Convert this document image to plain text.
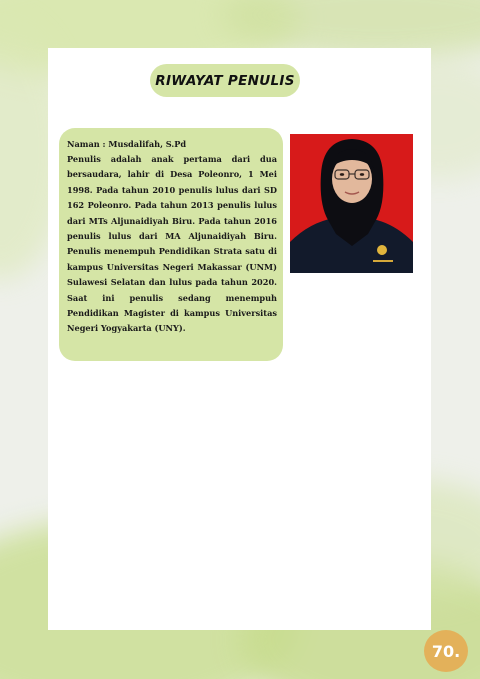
RIWAYAT PENULIS
Naman : Musdalifah, S.Pd
Penulis adalah anak pertama dari dua bersaudara, lahir di Desa Poleonro, 1 Mei 1998. Pada tahun 2010 penulis lulus dari SD 162 Poleonro. Pada tahun 2013 penulis lulus dari MTs Aljunaidiyah Biru. Pada tahun 2016 penulis lulus dari MA Aljunaidiyah Biru. Penulis menempuh Pendidikan Strata satu di kampus Universitas Negeri Makassar (UNM) Sulawesi Selatan dan lulus pada tahun 2020. Saat ini penulis sedang menempuh Pendidikan Magister di kampus Universitas Negeri Yogyakarta (UNY).
70.
